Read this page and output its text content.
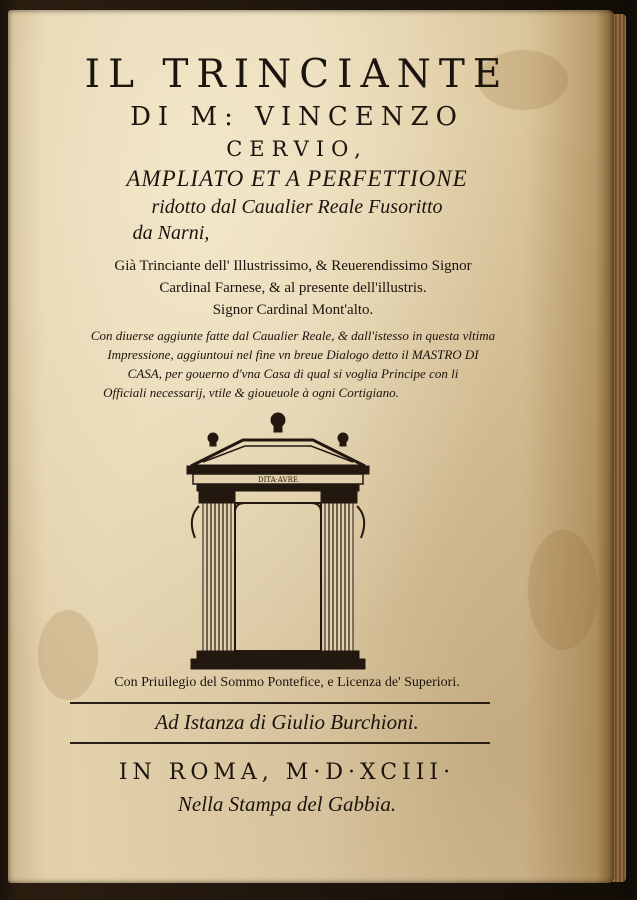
IL TRINCIANTE
DI M: VINCENZO
CERVIO,
AMPLIATO ET A PERFETTIONE
ridotto dal Caualier Reale Fusoritto
da Narni,
Già Trinciante dell' Illustrissimo, & Reuerendissimo Signor
Cardinal Farnese, & al presente dell'illustris.
Signor Cardinal Mont'alto.
Con diuerse aggiunte fatte dal Caualier Reale, & dall'istesso in questa vltima
Impressione, aggiuntoui nel fine vn breue Dialogo detto il MASTRO DI
CASA, per gouerno d'vna Casa di qual si voglia Principe con li
Officiali necessarij, vtile & gioueuole à ogni Cortigiano.
DITA·AVRE
Con Priuilegio del Sommo Pontefice, e Licenza de' Superiori.
Ad Istanza di Giulio Burchioni.
IN ROMA, M·D·XCIII·
Nella Stampa del Gabbia.
